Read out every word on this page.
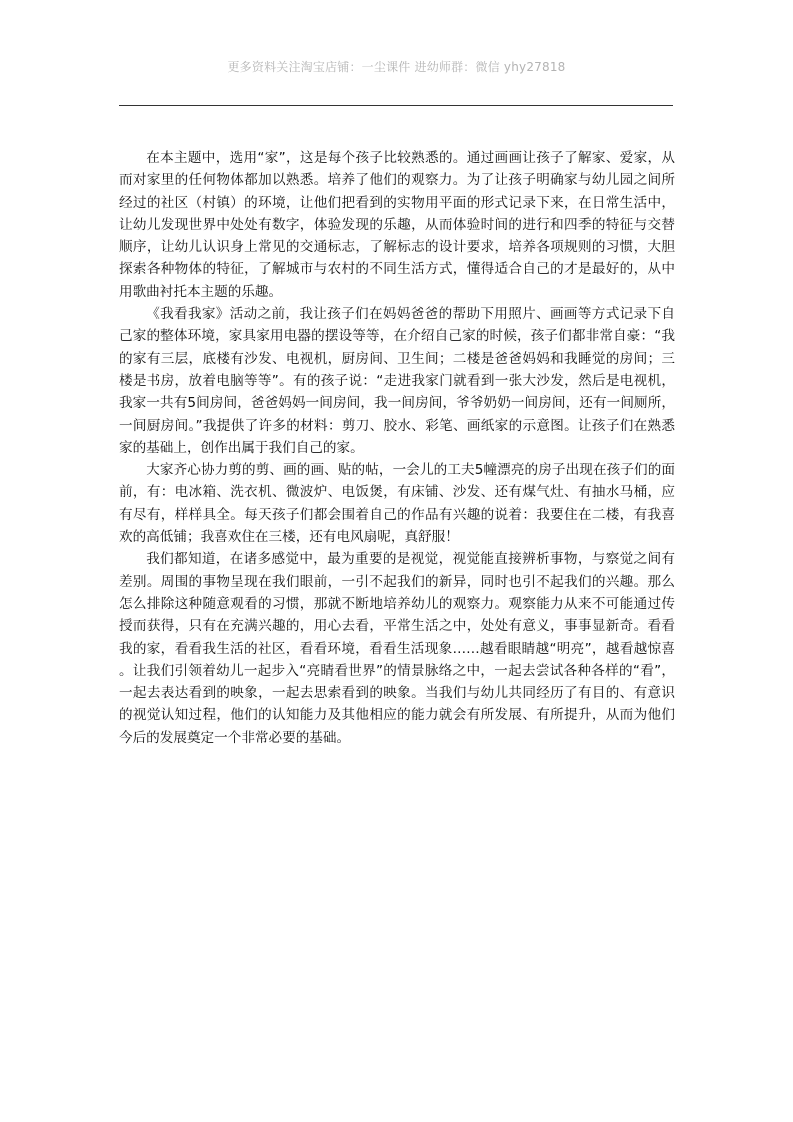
更多资料关注淘宝店铺：一尘课件 进幼师群：微信 yhy27818

在本主题中，选用“家”，这是每个孩子比较熟悉的。通过画画让孩子了解家、爱家，从而对家里的任何物体都加以熟悉。培养了他们的观察力。为了让孩子明确家与幼儿园之间所经过的社区（村镇）的环境，让他们把看到的实物用平面的形式记录下来，在日常生活中，让幼儿发现世界中处处有数字，体验发现的乐趣，从而体验时间的进行和四季的特征与交替顺序，让幼儿认识身上常见的交通标志，了解标志的设计要求，培养各项规则的习惯，大胆探索各种物体的特征，了解城市与农村的不同生活方式，懂得适合自己的才是最好的，从中用歌曲衬托本主题的乐趣。

《我看我家》活动之前，我让孩子们在妈妈爸爸的帮助下用照片、画画等方式记录下自己家的整体环境，家具家用电器的摆设等等，在介绍自己家的时候，孩子们都非常自豪：“我的家有三层，底楼有沙发、电视机，厨房间、卫生间；二楼是爸爸妈妈和我睡觉的房间；三楼是书房，放着电脑等等”。有的孩子说：“走进我家门就看到一张大沙发，然后是电视机，我家一共有5间房间，爸爸妈妈一间房间，我一间房间，爷爷奶奶一间房间，还有一间厕所，一间厨房间。”我提供了许多的材料：剪刀、胶水、彩笔、画纸家的示意图。让孩子们在熟悉家的基础上，创作出属于我们自己的家。

大家齐心协力剪的剪、画的画、贴的帖，一会儿的工夫5幢漂亮的房子出现在孩子们的面前，有：电冰箱、洗衣机、微波炉、电饭煲，有床铺、沙发、还有煤气灶、有抽水马桶，应有尽有，样样具全。每天孩子们都会围着自己的作品有兴趣的说着：我要住在二楼，有我喜欢的高低铺；我喜欢住在三楼，还有电风扇呢，真舒服！

我们都知道，在诸多感觉中，最为重要的是视觉，视觉能直接辨析事物，与察觉之间有差别。周围的事物呈现在我们眼前，一引不起我们的新异，同时也引不起我们的兴趣。那么怎么排除这种随意观看的习惯，那就不断地培养幼儿的观察力。观察能力从来不可能通过传授而获得，只有在充满兴趣的，用心去看，平常生活之中，处处有意义，事事显新奇。看看我的家，看看我生活的社区，看看环境，看看生活现象……越看眼睛越“明亮”，越看越惊喜。让我们引领着幼儿一起步入“亮睛看世界”的情景脉络之中，一起去尝试各种各样的“看”，一起去表达看到的映象，一起去思索看到的映象。当我们与幼儿共同经历了有目的、有意识的视觉认知过程，他们的认知能力及其他相应的能力就会有所发展、有所提升，从而为他们今后的发展奠定一个非常必要的基础。
